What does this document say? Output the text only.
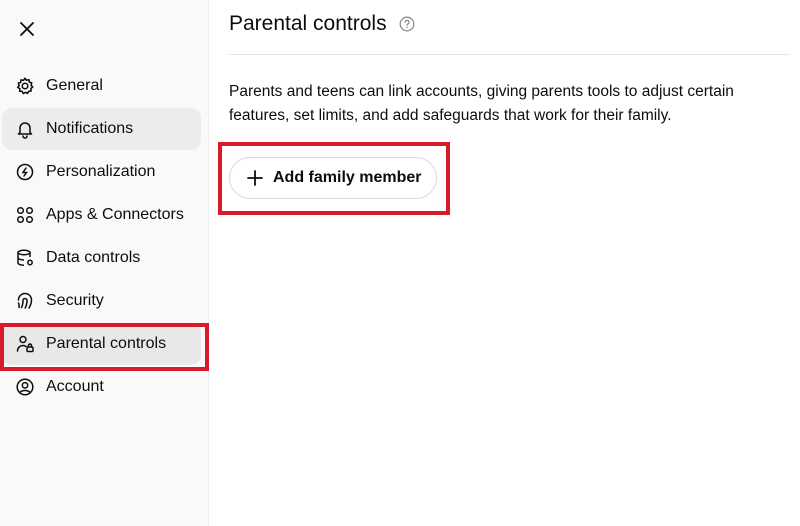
General
Notifications
Personalization
Apps & Connectors
Data controls
Security
Parental controls
Account
Parental controls
Parents and teens can link accounts, giving parents tools to adjust certain features, set limits, and add safeguards that work for their family.
Add family member
